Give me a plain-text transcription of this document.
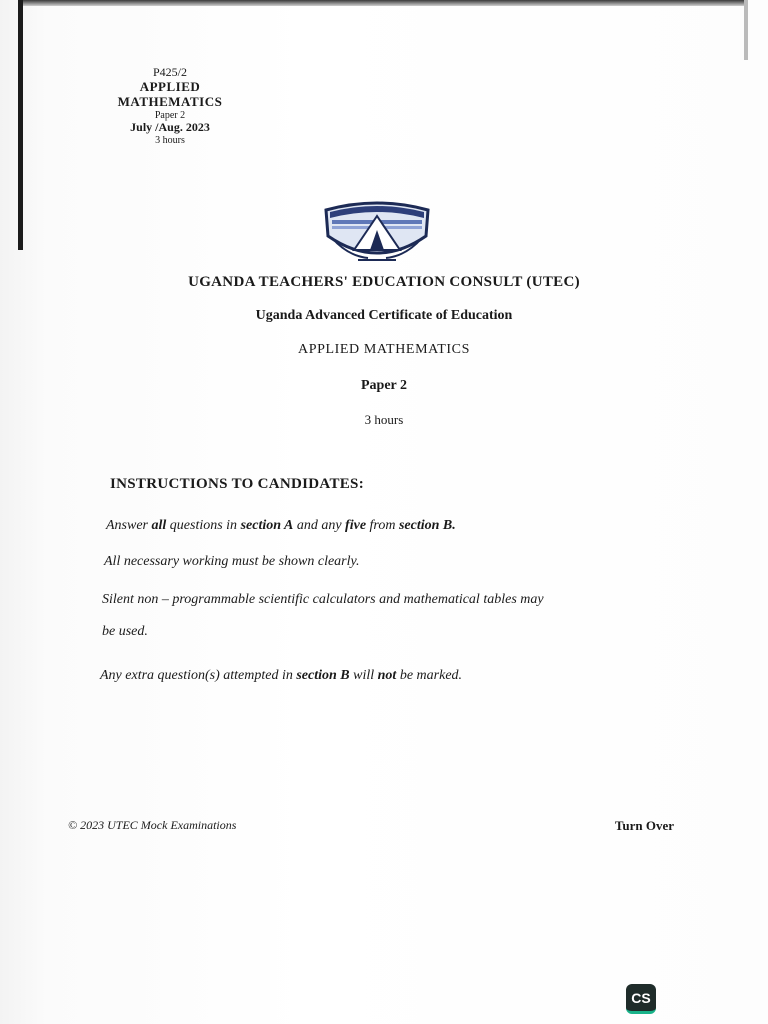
P425/2
APPLIED
MATHEMATICS
Paper 2
July /Aug. 2023
3 hours
UGANDA TEACHERS' EDUCATION CONSULT (UTEC)
Uganda Advanced Certificate of Education
APPLIED MATHEMATICS
Paper 2
3 hours
INSTRUCTIONS TO CANDIDATES:
Answer all questions in section A and any five from section B.
All necessary working must be shown clearly.
Silent non – programmable scientific calculators and mathematical tables may
be used.
Any extra question(s) attempted in section B will not be marked.
© 2023 UTEC Mock Examinations	Turn Over
CS
